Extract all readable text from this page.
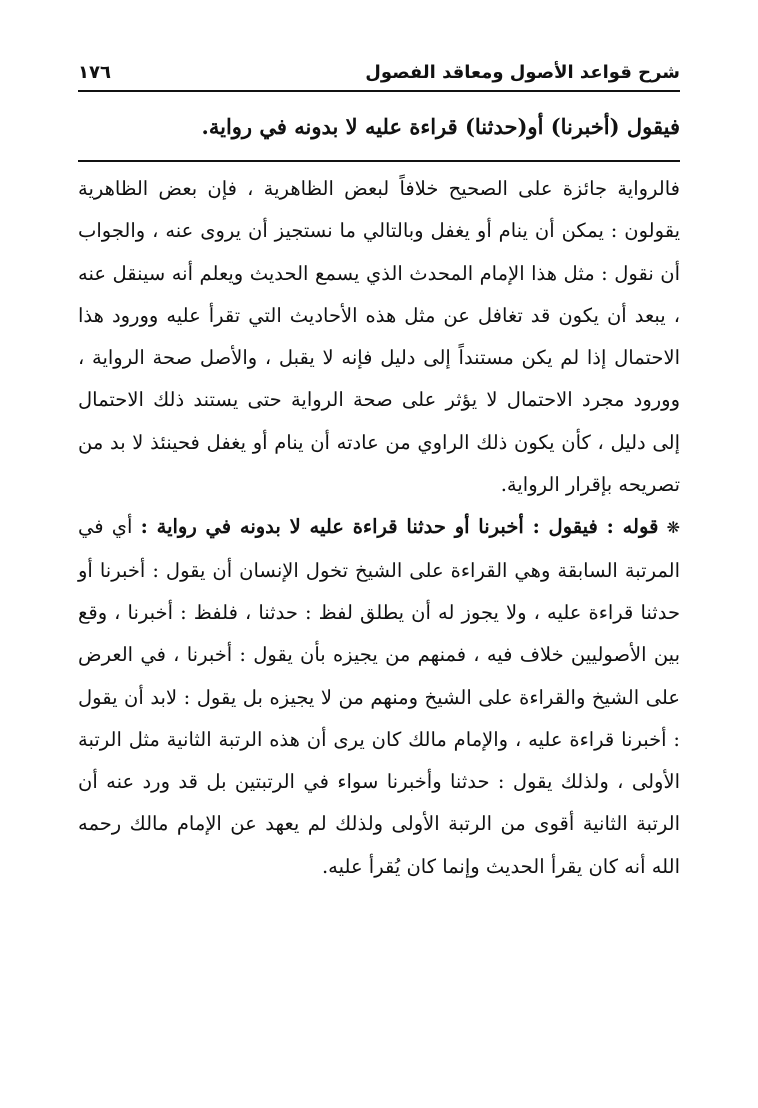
شرح قواعد الأصول ومعاقد الفصول
١٧٦
فيقول (أخبرنا) أو(حدثنا) قراءة عليه لا بدونه في رواية.

فالرواية جائزة على الصحيح خلافاً لبعض الظاهرية ، فإن بعض الظاهرية يقولون : يمكن أن ينام أو يغفل وبالتالي ما نستجيز أن يروى عنه ، والجواب أن نقول : مثل هذا الإمام المحدث الذي يسمع الحديث ويعلم أنه سينقل عنه ، يبعد أن يكون قد تغافل عن مثل هذه الأحاديث التي تقرأ عليه وورود هذا الاحتمال إذا لم يكن مستنداً إلى دليل فإنه لا يقبل ، والأصل صحة الرواية ، وورود مجرد الاحتمال لا يؤثر على صحة الرواية حتى يستند ذلك الاحتمال إلى دليل ، كأن يكون ذلك الراوي من عادته أن ينام أو يغفل فحينئذ لا بد من تصريحه بإقرار الرواية.

❋ قوله : فيقول : أخبرنا أو حدثنا قراءة عليه لا بدونه في رواية : أي في المرتبة السابقة وهي القراءة على الشيخ تخول الإنسان أن يقول : أخبرنا أو حدثنا قراءة عليه ، ولا يجوز له أن يطلق لفظ : حدثنا ، فلفظ : أخبرنا ، وقع بين الأصوليين خلاف فيه ، فمنهم من يجيزه بأن يقول : أخبرنا ، في العرض على الشيخ والقراءة على الشيخ ومنهم من لا يجيزه بل يقول : لابد أن يقول : أخبرنا قراءة عليه ، والإمام مالك كان يرى أن هذه الرتبة الثانية مثل الرتبة الأولى ، ولذلك يقول : حدثنا وأخبرنا سواء في الرتبتين بل قد ورد عنه أن الرتبة الثانية أقوى من الرتبة الأولى ولذلك لم يعهد عن الإمام مالك رحمه الله أنه كان يقرأ الحديث وإنما كان يُقرأ عليه.
